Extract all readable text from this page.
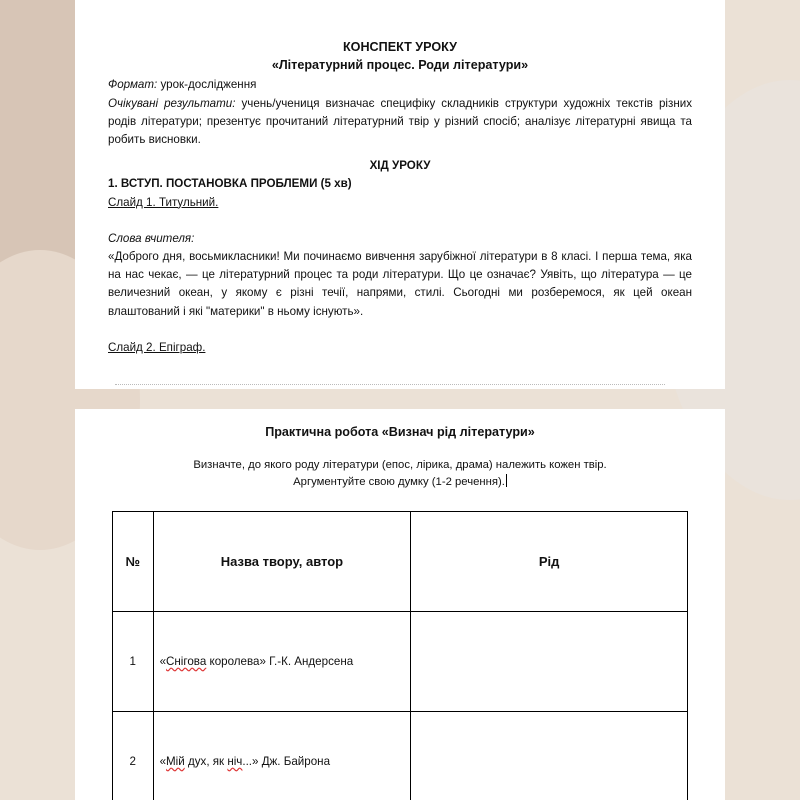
КОНСПЕКТ УРОКУ
«Літературний процес. Роди літератури»
Формат: урок-дослідження
Очікувані результати: учень/учениця визначає специфіку складників структури художніх текстів різних родів літератури; презентує прочитаний літературний твір у різний спосіб; аналізує літературні явища та робить висновки.
ХІД УРОКУ
1. ВСТУП. ПОСТАНОВКА ПРОБЛЕМИ (5 хв)
Слайд 1. Титульний.
Слова вчителя:
«Доброго дня, восьмикласники! Ми починаємо вивчення зарубіжної літератури в 8 класі. І перша тема, яка на нас чекає, — це літературний процес та роди літератури. Що це означає? Уявіть, що література — це величезний океан, у якому є різні течії, напрями, стилі. Сьогодні ми розберемося, як цей океан влаштований і які "материки" в ньому існують».
Слайд 2. Епіграф.
Практична робота «Визнач рід літератури»
Визначте, до якого роду літератури (епос, лірика, драма) належить кожен твір.
Аргументуйте свою думку (1-2 речення).
№	Назва твору, автор	Рід
1	«Снігова королева» Г.-К. Андерсена	
2	«Мій дух, як ніч...» Дж. Байрона	
